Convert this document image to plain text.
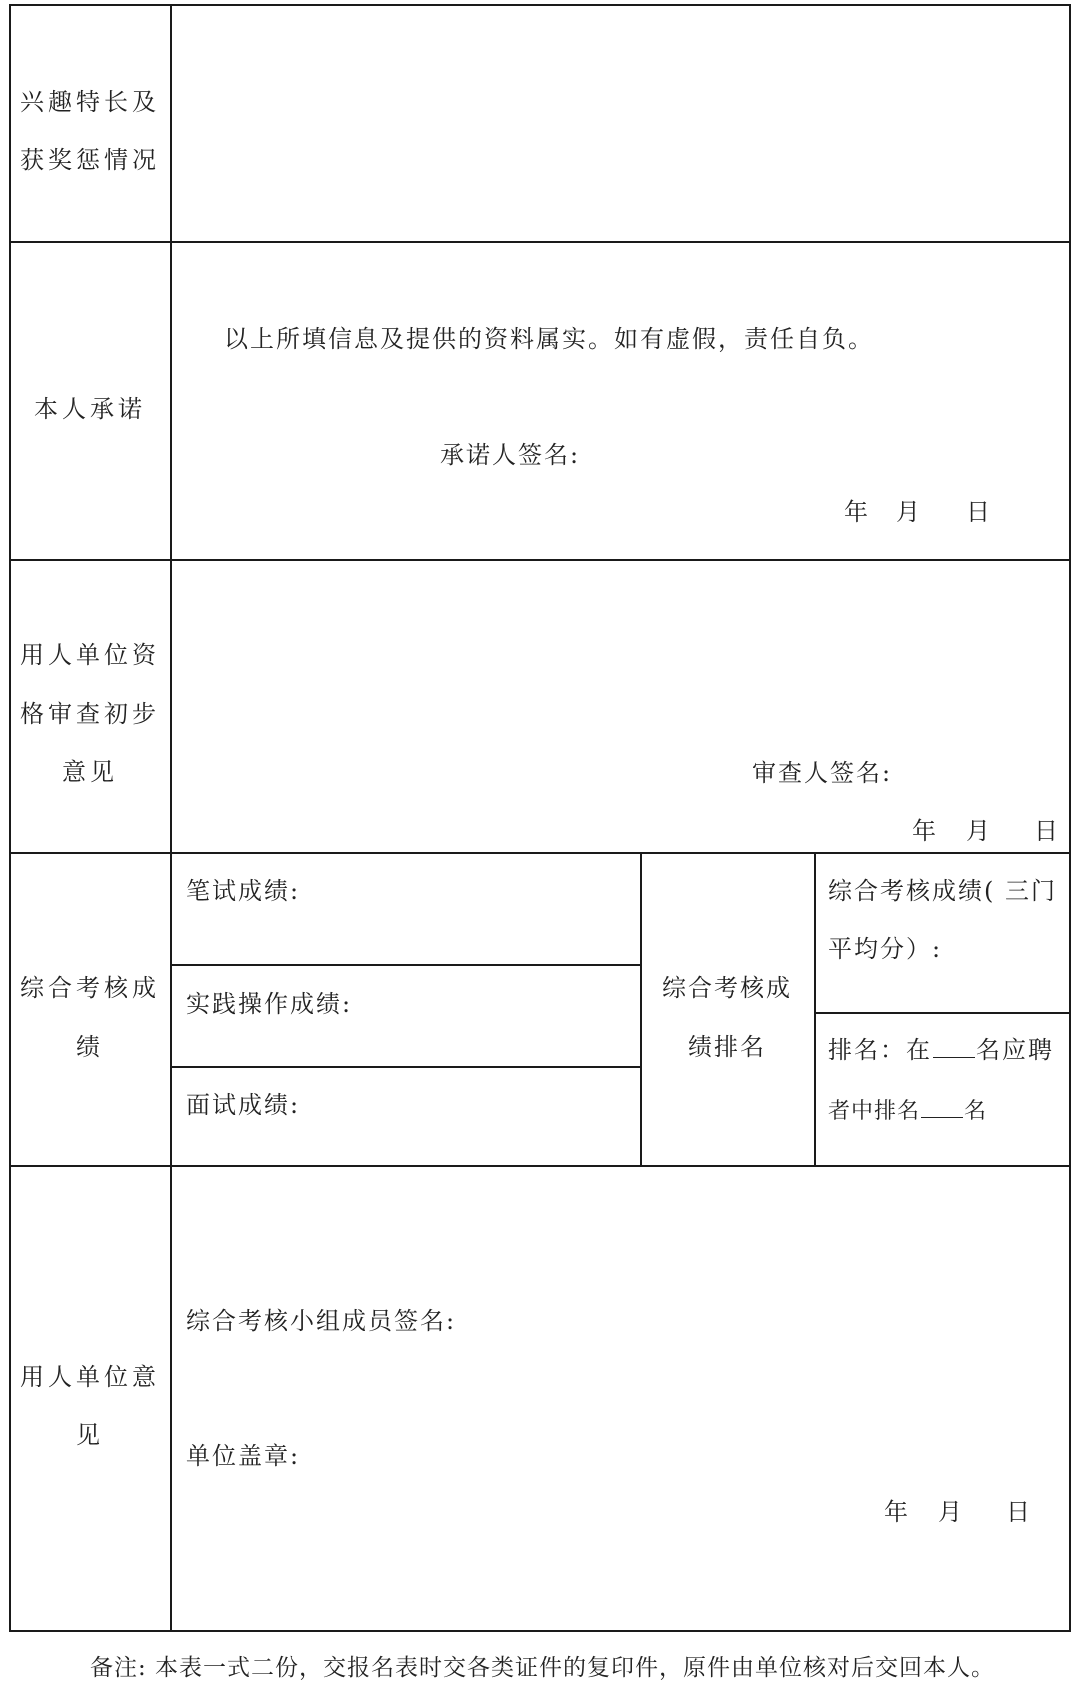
兴趣特长及
获奖惩情况
本人承诺
以上所填信息及提供的资料属实。如有虚假，责任自负。
承诺人签名:
年 月 日
用人单位资
格审查初步
意见	审查人签名:
年 月 日
综合考核成
绩
笔试成绩:
实践操作成绩:
面试成绩:
综合考核成
绩排名
综合考核成绩( 三门
平均分）:
排名：在 名应聘
者中排名 名
用人单位意
见
综合考核小组成员签名:
单位盖章:
年 月 日
备注: 本表一式二份，交报名表时交各类证件的复印件，原件由单位核对后交回本人。
